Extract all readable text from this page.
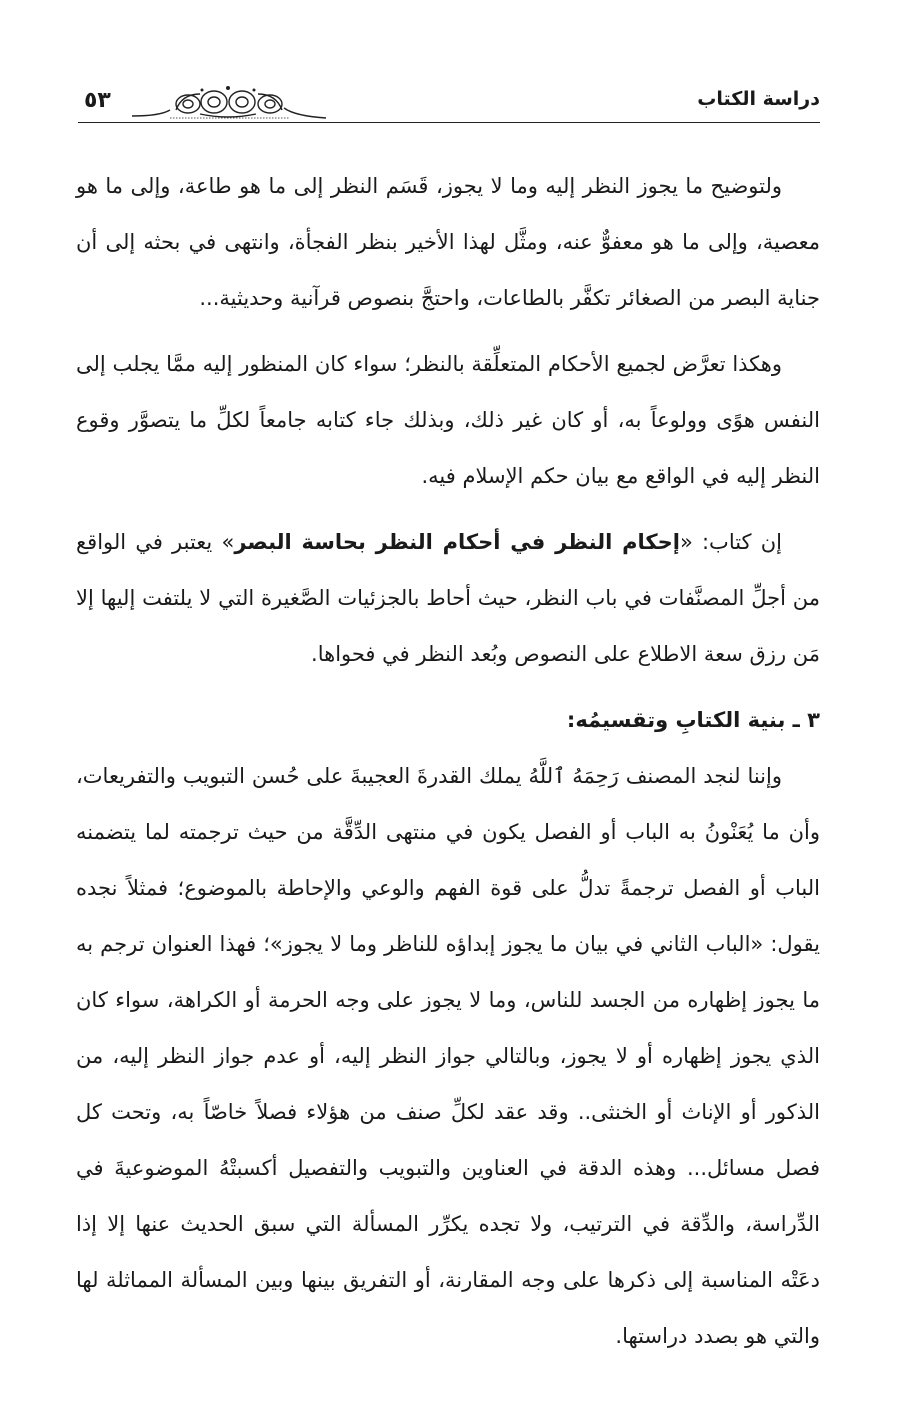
٥٣	دراسة الكتاب

ولتوضيح ما يجوز النظر إليه وما لا يجوز، قَسَم النظر إلى ما هو طاعة، وإلى ما هو معصية، وإلى ما هو معفوٌّ عنه، ومثَّل لهذا الأخير بنظر الفجأة، وانتهى في بحثه إلى أن جناية البصر من الصغائر تكفَّر بالطاعات، واحتجَّ بنصوص قرآنية وحديثية...

وهكذا تعرَّض لجميع الأحكام المتعلِّقة بالنظر؛ سواء كان المنظور إليه ممَّا يجلب إلى النفس هوًى وولوعاً به، أو كان غير ذلك، وبذلك جاء كتابه جامعاً لكلِّ ما يتصوَّر وقوع النظر إليه في الواقع مع بيان حكم الإسلام فيه.

إن كتاب: «إحكام النظر في أحكام النظر بحاسة البصر» يعتبر في الواقع من أجلِّ المصنَّفات في باب النظر، حيث أحاط بالجزئيات الصَّغيرة التي لا يلتفت إليها إلا مَن رزق سعة الاطلاع على النصوص وبُعد النظر في فحواها.

٣ ـ بنية الكتابِ وتقسيمُه:

وإننا لنجد المصنف رَحِمَهُ ٱللَّهُ يملك القدرةَ العجيبةَ على حُسن التبويب والتفريعات، وأن ما يُعَنْونُ به الباب أو الفصل يكون في منتهى الدِّقَّة من حيث ترجمته لما يتضمنه الباب أو الفصل ترجمةً تدلُّ على قوة الفهم والوعي والإحاطة بالموضوع؛ فمثلاً نجده يقول: «الباب الثاني في بيان ما يجوز إبداؤه للناظر وما لا يجوز»؛ فهذا العنوان ترجم به ما يجوز إظهاره من الجسد للناس، وما لا يجوز على وجه الحرمة أو الكراهة، سواء كان الذي يجوز إظهاره أو لا يجوز، وبالتالي جواز النظر إليه، أو عدم جواز النظر إليه، من الذكور أو الإناث أو الخنثى.. وقد عقد لكلِّ صنف من هؤلاء فصلاً خاصّاً به، وتحت كل فصل مسائل... وهذه الدقة في العناوين والتبويب والتفصيل أكسبتْهُ الموضوعيةَ في الدِّراسة، والدِّقة في الترتيب، ولا تجده يكرِّر المسألة التي سبق الحديث عنها إلا إذا دعَتْه المناسبة إلى ذكرها على وجه المقارنة، أو التفريق بينها وبين المسألة المماثلة لها والتي هو بصدد دراستها.
